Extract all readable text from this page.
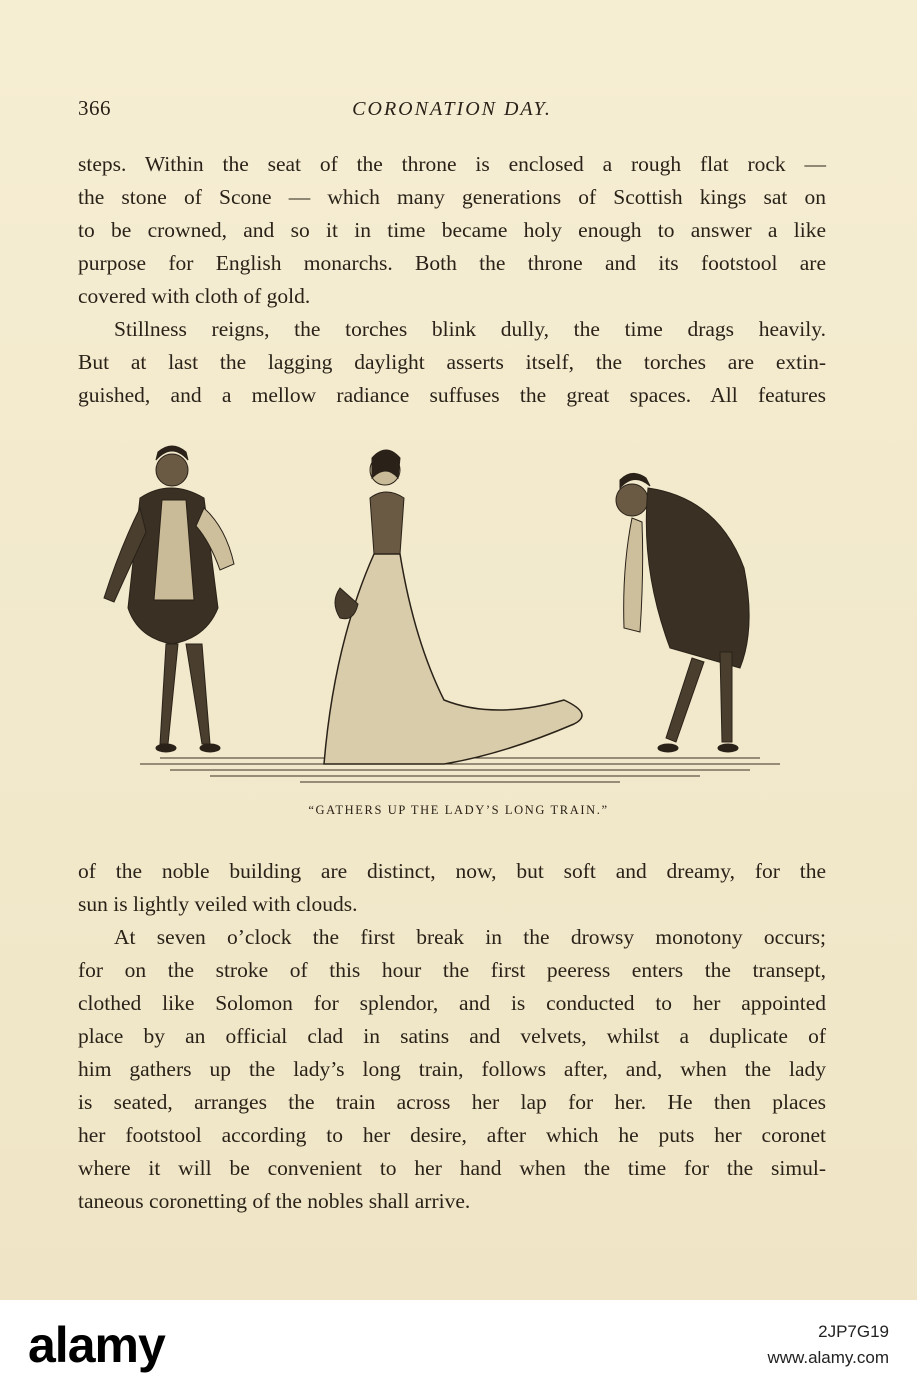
366	CORONATION DAY.

steps. Within the seat of the throne is enclosed a rough flat rock —
the stone of Scone — which many generations of Scottish kings sat on
to be crowned, and so it in time became holy enough to answer a like
purpose for English monarchs. Both the throne and its footstool are
covered with cloth of gold.

Stillness reigns, the torches blink dully, the time drags heavily.
But at last the lagging daylight asserts itself, the torches are extin-
guished, and a mellow radiance suffuses the great spaces. All features

“GATHERS UP THE LADY’S LONG TRAIN.”

of the noble building are distinct, now, but soft and dreamy, for the
sun is lightly veiled with clouds.

At seven o’clock the first break in the drowsy monotony occurs;
for on the stroke of this hour the first peeress enters the transept,
clothed like Solomon for splendor, and is conducted to her appointed
place by an official clad in satins and velvets, whilst a duplicate of
him gathers up the lady’s long train, follows after, and, when the lady
is seated, arranges the train across her lap for her. He then places
her footstool according to her desire, after which he puts her coronet
where it will be convenient to her hand when the time for the simul-
taneous coronetting of the nobles shall arrive.

alamy	2JP7G19
www.alamy.com
